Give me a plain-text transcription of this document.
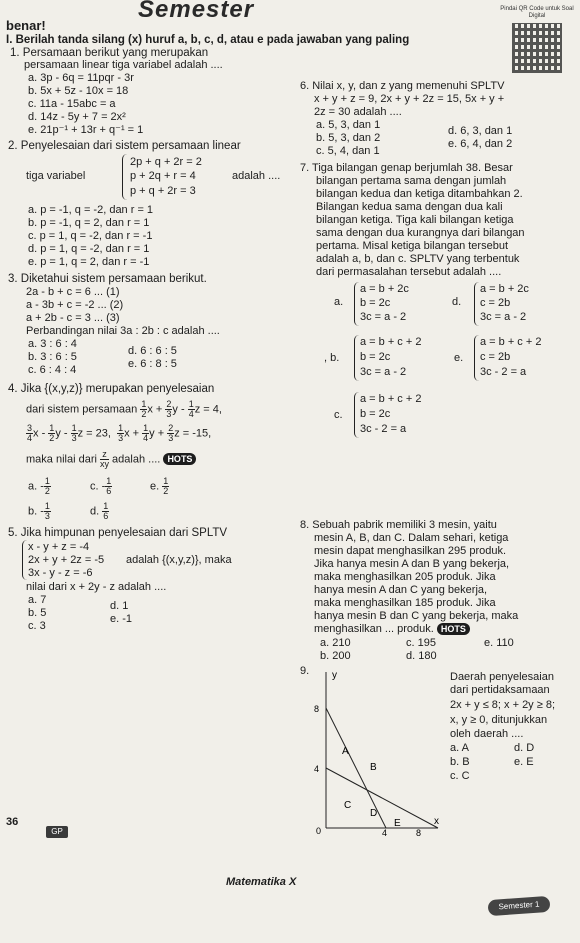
Semester
benar!
Pindai QR Code untuk Soal Digital
I. Berilah tanda silang (x) huruf a, b, c, d, atau e pada jawaban yang paling
1. Persamaan berikut yang merupakan
persamaan linear tiga variabel adalah ....
a. 3p - 6q = 11pqr - 3r
b. 5x + 5z - 10x = 18
c. 11a - 15abc = a
d. 14z - 5y + 7 = 2x²
e. 21p⁻¹ + 13r + q⁻¹ = 1
2. Penyelesaian dari sistem persamaan linear
tiga variabel
2p + q + 2r = 2
p + 2q + r = 4
p + q + 2r = 3
adalah ....
a. p = -1, q = -2, dan r = 1
b. p = -1, q = 2, dan r = 1
c. p = 1, q = -2, dan r = -1
d. p = 1, q = -2, dan r = 1
e. p = 1, q = 2, dan r = -1
3. Diketahui sistem persamaan berikut.
2a - b + c = 6 ... (1)
a - 3b + c = -2 ... (2)
a + 2b - c = 3 ... (3)
Perbandingan nilai 3a : 2b : c adalah ....
a. 3 : 6 : 4
b. 3 : 6 : 5
c. 6 : 4 : 4
d. 6 : 6 : 5
e. 6 : 8 : 5
4. Jika {(x,y,z)} merupakan penyelesaian
dari sistem persamaan $\frac{1}{2}$ $x + \frac{2}{3}$ y - $\frac{1}{4}$ z = 4,
$\frac{3}{4}$ x - $\frac{1}{2}$ y - $\frac{1}{3}$ z = 23, $\frac{1}{3}$ $x + \frac{1}{4}$ $y + \frac{2}{3}$ z = -15,
maka nilai dari $\frac{z}{xy}$ adalah .... HOTS
a. - $\frac{1}{2}$	c. - $\frac{1}{6}$	e. $\frac{1}{2}$
b. - $\frac{1}{3}$	d. $\frac{1}{6}$
5. Jika himpunan penyelesaian dari SPLTV
x - y + z = -4
2x + y + 2z = -5
3x - y - z = -6
adalah {(x,y,z)}, maka
nilai dari x + 2y - z adalah ....
a. 7
b. 5
c. 3
d. 1
e. -1
6. Nilai x, y, dan z yang memenuhi SPLTV
x + y + z = 9, 2x + y + 2z = 15, 5x + y +
2z = 30 adalah ....
a. 5, 3, dan 1
b. 5, 3, dan 2
c. 5, 4, dan 1
d. 6, 3, dan 1
e. 6, 4, dan 2
7. Tiga bilangan genap berjumlah 38. Besar
bilangan pertama sama dengan jumlah
bilangan kedua dan ketiga ditambahkan 2.
Bilangan kedua sama dengan dua kali
bilangan ketiga. Tiga kali bilangan ketiga
sama dengan dua kurangnya dari bilangan
pertama. Misal ketiga bilangan tersebut
adalah a, b, dan c. SPLTV yang terbentuk
dari permasalahan tersebut adalah ....
a.
a = b + 2c
b = 2c
3c = a - 2
d.
a = b + 2c
c = 2b
3c = a - 2
, b.
a = b + c + 2
b = 2c
3c = a - 2
e.
a = b + c + 2
c = 2b
3c - 2 = a
c.
a = b + c + 2
b = 2c
3c - 2 = a
8. Sebuah pabrik memiliki 3 mesin, yaitu
mesin A, B, dan C. Dalam sehari, ketiga
mesin dapat menghasilkan 295 produk.
Jika hanya mesin A dan B yang bekerja,
maka menghasilkan 205 produk. Jika
hanya mesin A dan C yang bekerja,
maka menghasilkan 185 produk. Jika
hanya mesin B dan C yang bekerja, maka
menghasilkan ... produk. HOTS
a. 210
b. 200
c. 195
d. 180
e. 110
9.	Daerah penyelesaian
dari pertidaksamaan
2x + y ≤ 8; x + 2y ≥ 8;
x, y ≥ 0, ditunjukkan
oleh daerah ....
a. A
b. B
c. C
d. D
e. E
y
x
8
4
4	8
0
A
B
C
D
E
36
GP
Matematika X
Semester 1
